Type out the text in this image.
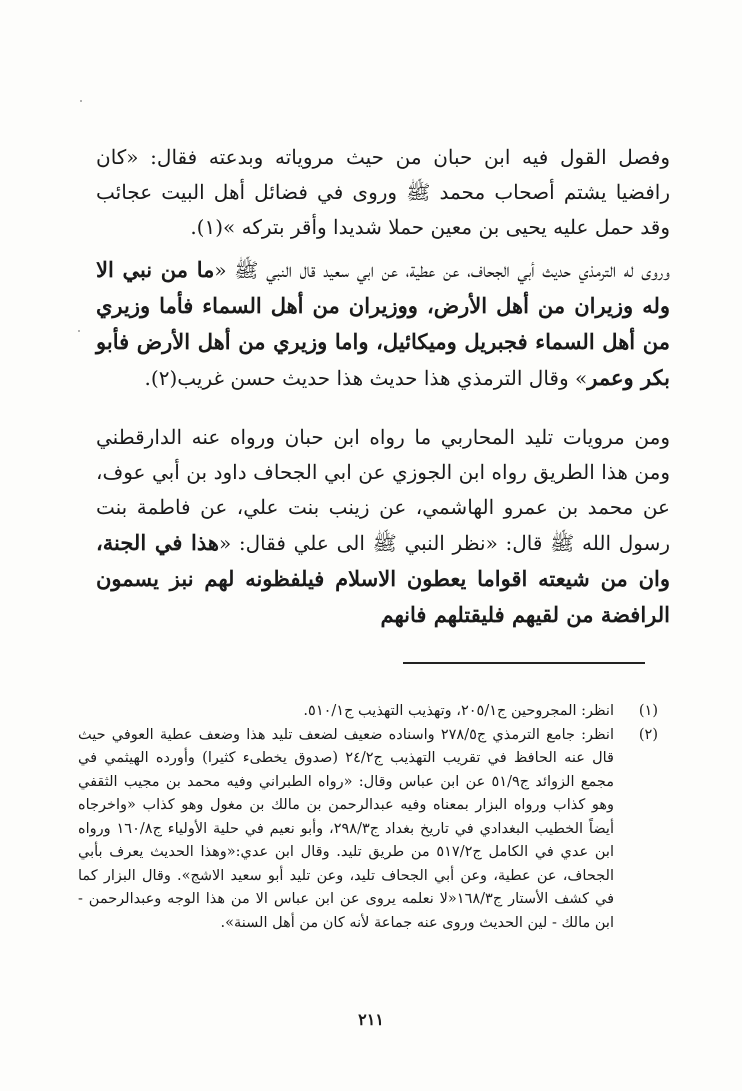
وفصل القول فيه ابن حبان من حيث مروياته وبدعته فقال: «كان رافضيا يشتم أصحاب محمد ﷺ وروى في فضائل أهل البيت عجائب وقد حمل عليه يحيى بن معين حملا شديدا وأقر بتركه »(١).

وروى له الترمذي حديث أبي الجحاف، عن عطية، عن ابي سعيد قال النبي ﷺ «ما من نبي الا وله وزيران من أهل الأرض، ووزيران من أهل السماء فأما وزيري من أهل السماء فجبريل وميكائيل، واما وزيري من أهل الأرض فأبو بكر وعمر» وقال الترمذي هذا حديث هذا حديث حسن غريب(٢).

ومن مرويات تليد المحاربي ما رواه ابن حبان ورواه عنه الدارقطني ومن هذا الطريق رواه ابن الجوزي عن ابي الجحاف داود بن أبي عوف، عن محمد بن عمرو الهاشمي، عن زينب بنت علي، عن فاطمة بنت رسول الله ﷺ قال: «نظر النبي ﷺ الى علي فقال: «هذا في الجنة، وان من شيعته اقواما يعطون الاسلام فيلفظونه لهم نبز يسمون الرافضة من لقيهم فليقتلهم فانهم

(١)
انظر: المجروحين ج٢٠٥/١، وتهذيب التهذيب ج٥١٠/١.
(٢)
انظر: جامع الترمذي ج٢٧٨/٥ واسناده ضعيف لضعف تليد هذا وضعف عطية العوفي حيث قال عنه الحافظ في تقريب التهذيب ج٢٤/٢ (صدوق يخطىء كثيرا) وأورده الهيثمي في مجمع الزوائد ج٥١/٩ عن ابن عباس وقال: «رواه الطبراني وفيه محمد بن مجيب الثقفي وهو كذاب ورواه البزار بمعناه وفيه عبدالرحمن بن مالك بن مغول وهو كذاب «واخرجاه أيضاً الخطيب البغدادي في تاريخ بغداد ج٢٩٨/٣، وأبو نعيم في حلية الأولياء ج١٦٠/٨ ورواه ابن عدي في الكامل ج٥١٧/٢ من طريق تليد. وقال ابن عدي:«وهذا الحديث يعرف بأبي الجحاف، عن عطية، وعن أبي الجحاف تليد، وعن تليد أبو سعيد الاشج». وقال البزار كما في كشف الأستار ج١٦٨/٣«لا نعلمه يروى عن ابن عباس الا من هذا الوجه وعبدالرحمن - ابن مالك - لين الحديث وروى عنه جماعة لأنه كان من أهل السنة».
٢١١
